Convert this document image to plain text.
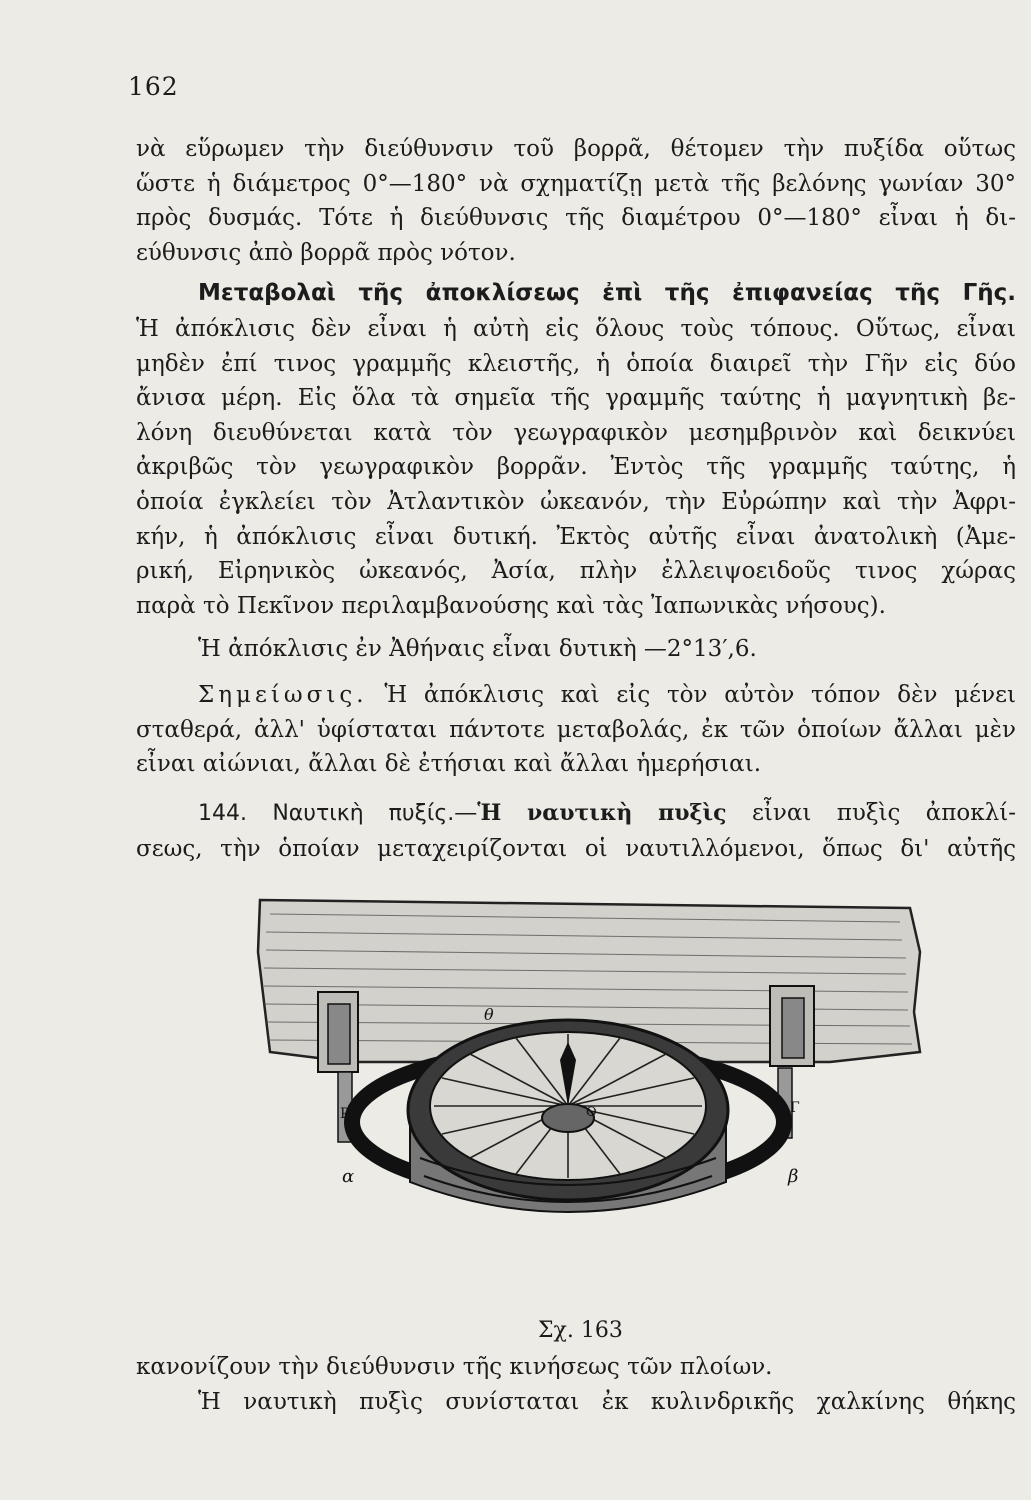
162
νὰ εὕρωμεν τὴν διεύθυνσιν τοῦ βορρᾶ, θέτομεν τὴν πυξίδα οὕτως
ὥστε ἡ διάμετρος 0°—180° νὰ σχηματίζῃ μετὰ τῆς βελόνης γωνίαν 30°
πρὸς δυσμάς. Τότε ἡ διεύθυνσις τῆς διαμέτρου 0°—180° εἶναι ἡ δι-
εύθυνσις ἀπὸ βορρᾶ πρὸς νότον.
Μεταβολαὶ τῆς ἀποκλίσεως ἐπὶ τῆς ἐπιφανείας τῆς Γῆς.
Ἡ ἀπόκλισις δὲν εἶναι ἡ αὐτὴ εἰς ὅλους τοὺς τόπους. Οὕτως, εἶναι
μηδὲν ἐπί τινος γραμμῆς κλειστῆς, ἡ ὁποία διαιρεῖ τὴν Γῆν εἰς δύο
ἄνισα μέρη. Εἰς ὅλα τὰ σημεῖα τῆς γραμμῆς ταύτης ἡ μαγνητικὴ βε-
λόνη διευθύνεται κατὰ τὸν γεωγραφικὸν μεσημβρινὸν καὶ δεικνύει
ἀκριβῶς τὸν γεωγραφικὸν βορρᾶν. Ἐντὸς τῆς γραμμῆς ταύτης, ἡ
ὁποία ἐγκλείει τὸν Ἀτλαντικὸν ὠκεανόν, τὴν Εὐρώπην καὶ τὴν Ἀφρι-
κήν, ἡ ἀπόκλισις εἶναι δυτική. Ἐκτὸς αὐτῆς εἶναι ἀνατολικὴ (Ἀμε-
ρική, Εἰρηνικὸς ὠκεανός, Ἀσία, πλὴν ἐλλειψοειδοῦς τινος χώρας
παρὰ τὸ Πεκῖνον περιλαμβανούσης καὶ τὰς Ἰαπωνικὰς νήσους).
Ἡ ἀπόκλισις ἐν Ἀθήναις εἶναι δυτικὴ —2°13′,6.
Σημείωσις. Ἡ ἀπόκλισις καὶ εἰς τὸν αὐτὸν τόπον δὲν μένει
σταθερά, ἀλλ' ὑφίσταται πάντοτε μεταβολάς, ἐκ τῶν ὁποίων ἄλλαι μὲν
εἶναι αἰώνιαι, ἄλλαι δὲ ἐτήσιαι καὶ ἄλλαι ἡμερήσιαι.
144. Ναυτικὴ πυξίς.—Ἡ ναυτικὴ πυξὶς εἶναι πυξὶς ἀποκλί-
σεως, τὴν ὁποίαν μεταχειρίζονται οἱ ναυτιλλόμενοι, ὅπως δι' αὐτῆς
θ
α	β
P	Γ
Ο
Σχ. 163
κανονίζουν τὴν διεύθυνσιν τῆς κινήσεως τῶν πλοίων.
Ἡ ναυτικὴ πυξὶς συνίσταται ἐκ κυλινδρικῆς χαλκίνης θήκης
